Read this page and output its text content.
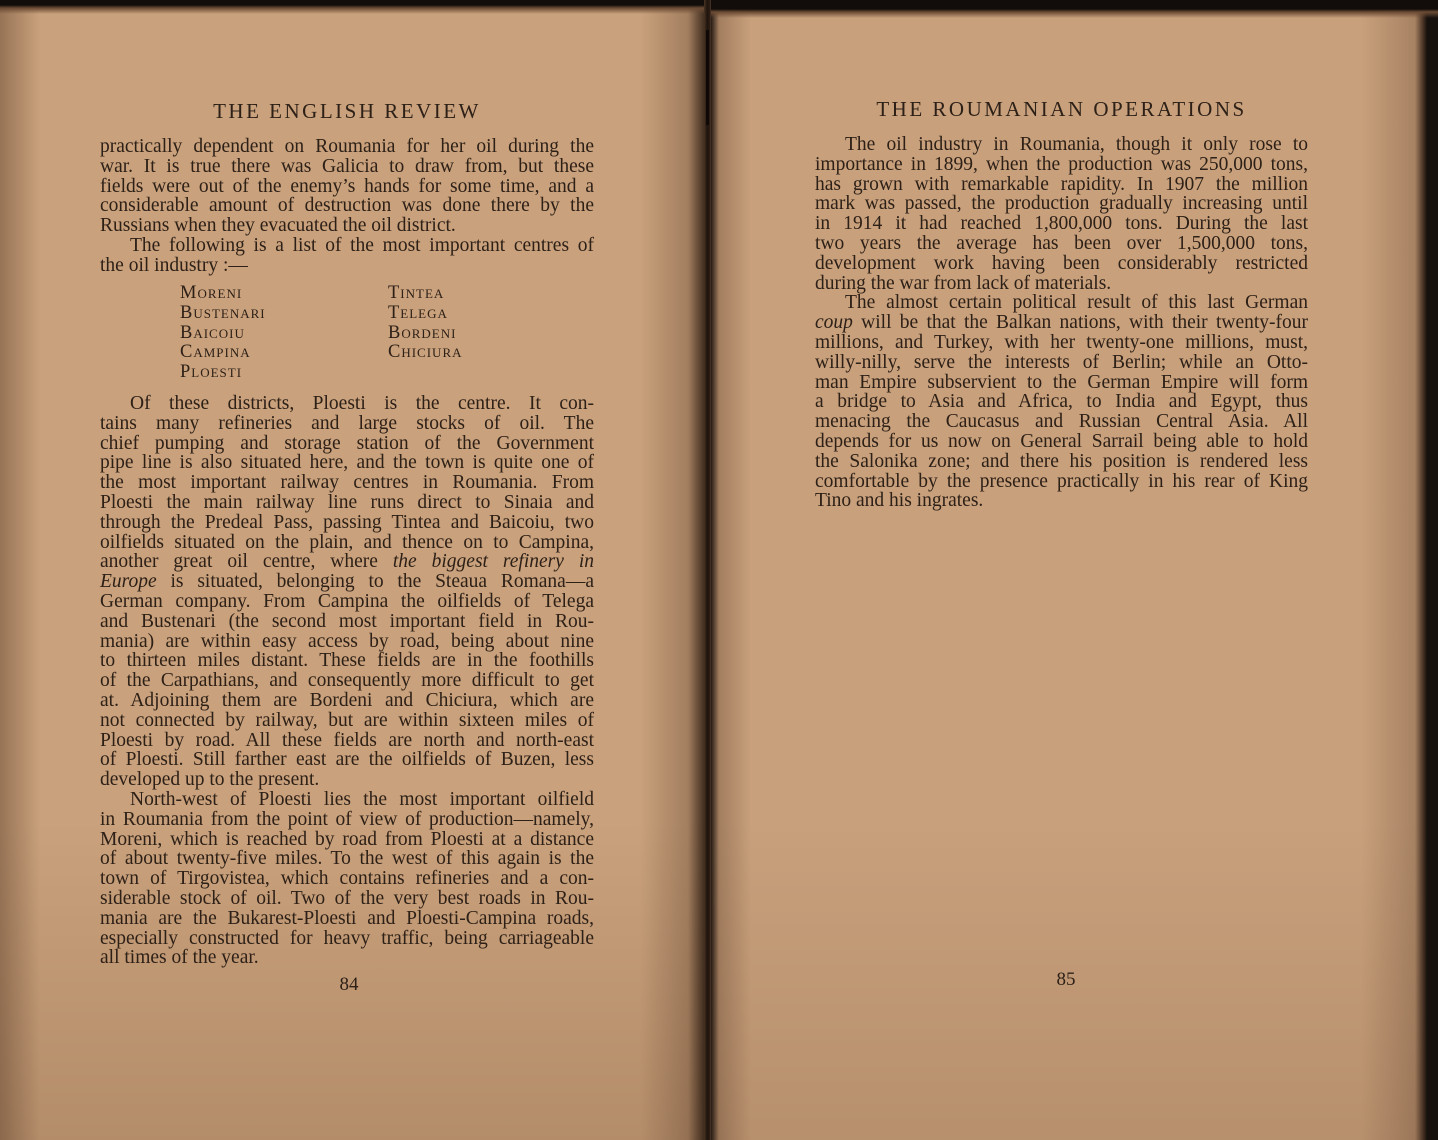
THE ENGLISH REVIEW
practically dependent on Roumania for her oil during the
war. It is true there was Galicia to draw from, but these
fields were out of the enemy’s hands for some time, and a
considerable amount of destruction was done there by the
Russians when they evacuated the oil district.
The following is a list of the most important centres of
the oil industry :—
Moreni
Bustenari
Baicoiu
Campina
Ploesti
Tintea
Telega
Bordeni
Chiciura
Of these districts, Ploesti is the centre. It con-
tains many refineries and large stocks of oil. The
chief pumping and storage station of the Government
pipe line is also situated here, and the town is quite one of
the most important railway centres in Roumania. From
Ploesti the main railway line runs direct to Sinaia and
through the Predeal Pass, passing Tintea and Baicoiu, two
oilfields situated on the plain, and thence on to Campina,
another great oil centre, where the biggest refinery in
Europe is situated, belonging to the Steaua Romana—a
German company. From Campina the oilfields of Telega
and Bustenari (the second most important field in Rou-
mania) are within easy access by road, being about nine
to thirteen miles distant. These fields are in the foothills
of the Carpathians, and consequently more difficult to get
at. Adjoining them are Bordeni and Chiciura, which are
not connected by railway, but are within sixteen miles of
Ploesti by road. All these fields are north and north-east
of Ploesti. Still farther east are the oilfields of Buzen, less
developed up to the present.
North-west of Ploesti lies the most important oilfield
in Roumania from the point of view of production—namely,
Moreni, which is reached by road from Ploesti at a distance
of about twenty-five miles. To the west of this again is the
town of Tirgovistea, which contains refineries and a con-
siderable stock of oil. Two of the very best roads in Rou-
mania are the Bukarest-Ploesti and Ploesti-Campina roads,
especially constructed for heavy traffic, being carriageable
all times of the year.
84
THE ROUMANIAN OPERATIONS
The oil industry in Roumania, though it only rose to
importance in 1899, when the production was 250,000 tons,
has grown with remarkable rapidity. In 1907 the million
mark was passed, the production gradually increasing until
in 1914 it had reached 1,800,000 tons. During the last
two years the average has been over 1,500,000 tons,
development work having been considerably restricted
during the war from lack of materials.
The almost certain political result of this last German
coup will be that the Balkan nations, with their twenty-four
millions, and Turkey, with her twenty-one millions, must,
willy-nilly, serve the interests of Berlin; while an Otto-
man Empire subservient to the German Empire will form
a bridge to Asia and Africa, to India and Egypt, thus
menacing the Caucasus and Russian Central Asia. All
depends for us now on General Sarrail being able to hold
the Salonika zone; and there his position is rendered less
comfortable by the presence practically in his rear of King
Tino and his ingrates.
85
